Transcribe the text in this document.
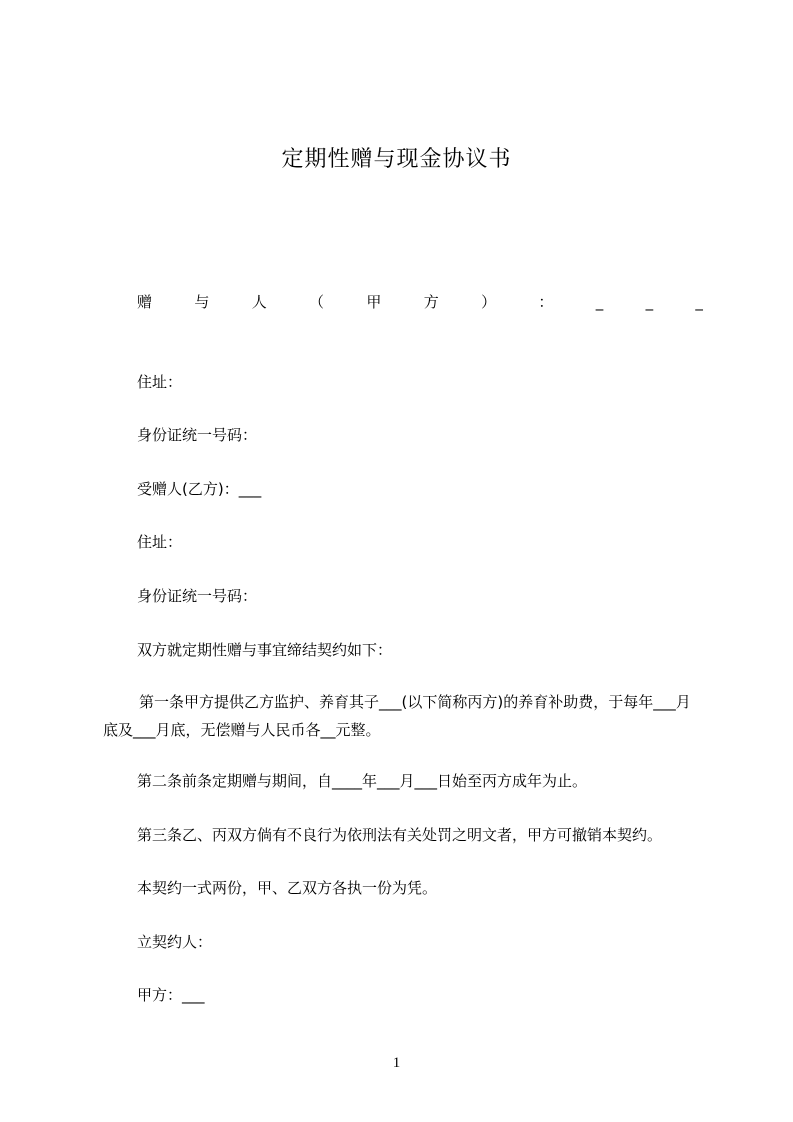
定期性赠与现金协议书
赠	与	人	（	甲	方	）	：	_	_	_
住址：
身份证统一号码：
受赠人(乙方)：___
住址：
身份证统一号码：
双方就定期性赠与事宜缔结契约如下：
第一条甲方提供乙方监护、养育其子___(以下简称丙方)的养育补助费，于每年___月底及___月底，无偿赠与人民币各__元整。
第二条前条定期赠与期间，自____年___月___日始至丙方成年为止。
第三条乙、丙双方倘有不良行为依刑法有关处罚之明文者，甲方可撤销本契约。
本契约一式两份，甲、乙双方各执一份为凭。
立契约人：
甲方：___
1
